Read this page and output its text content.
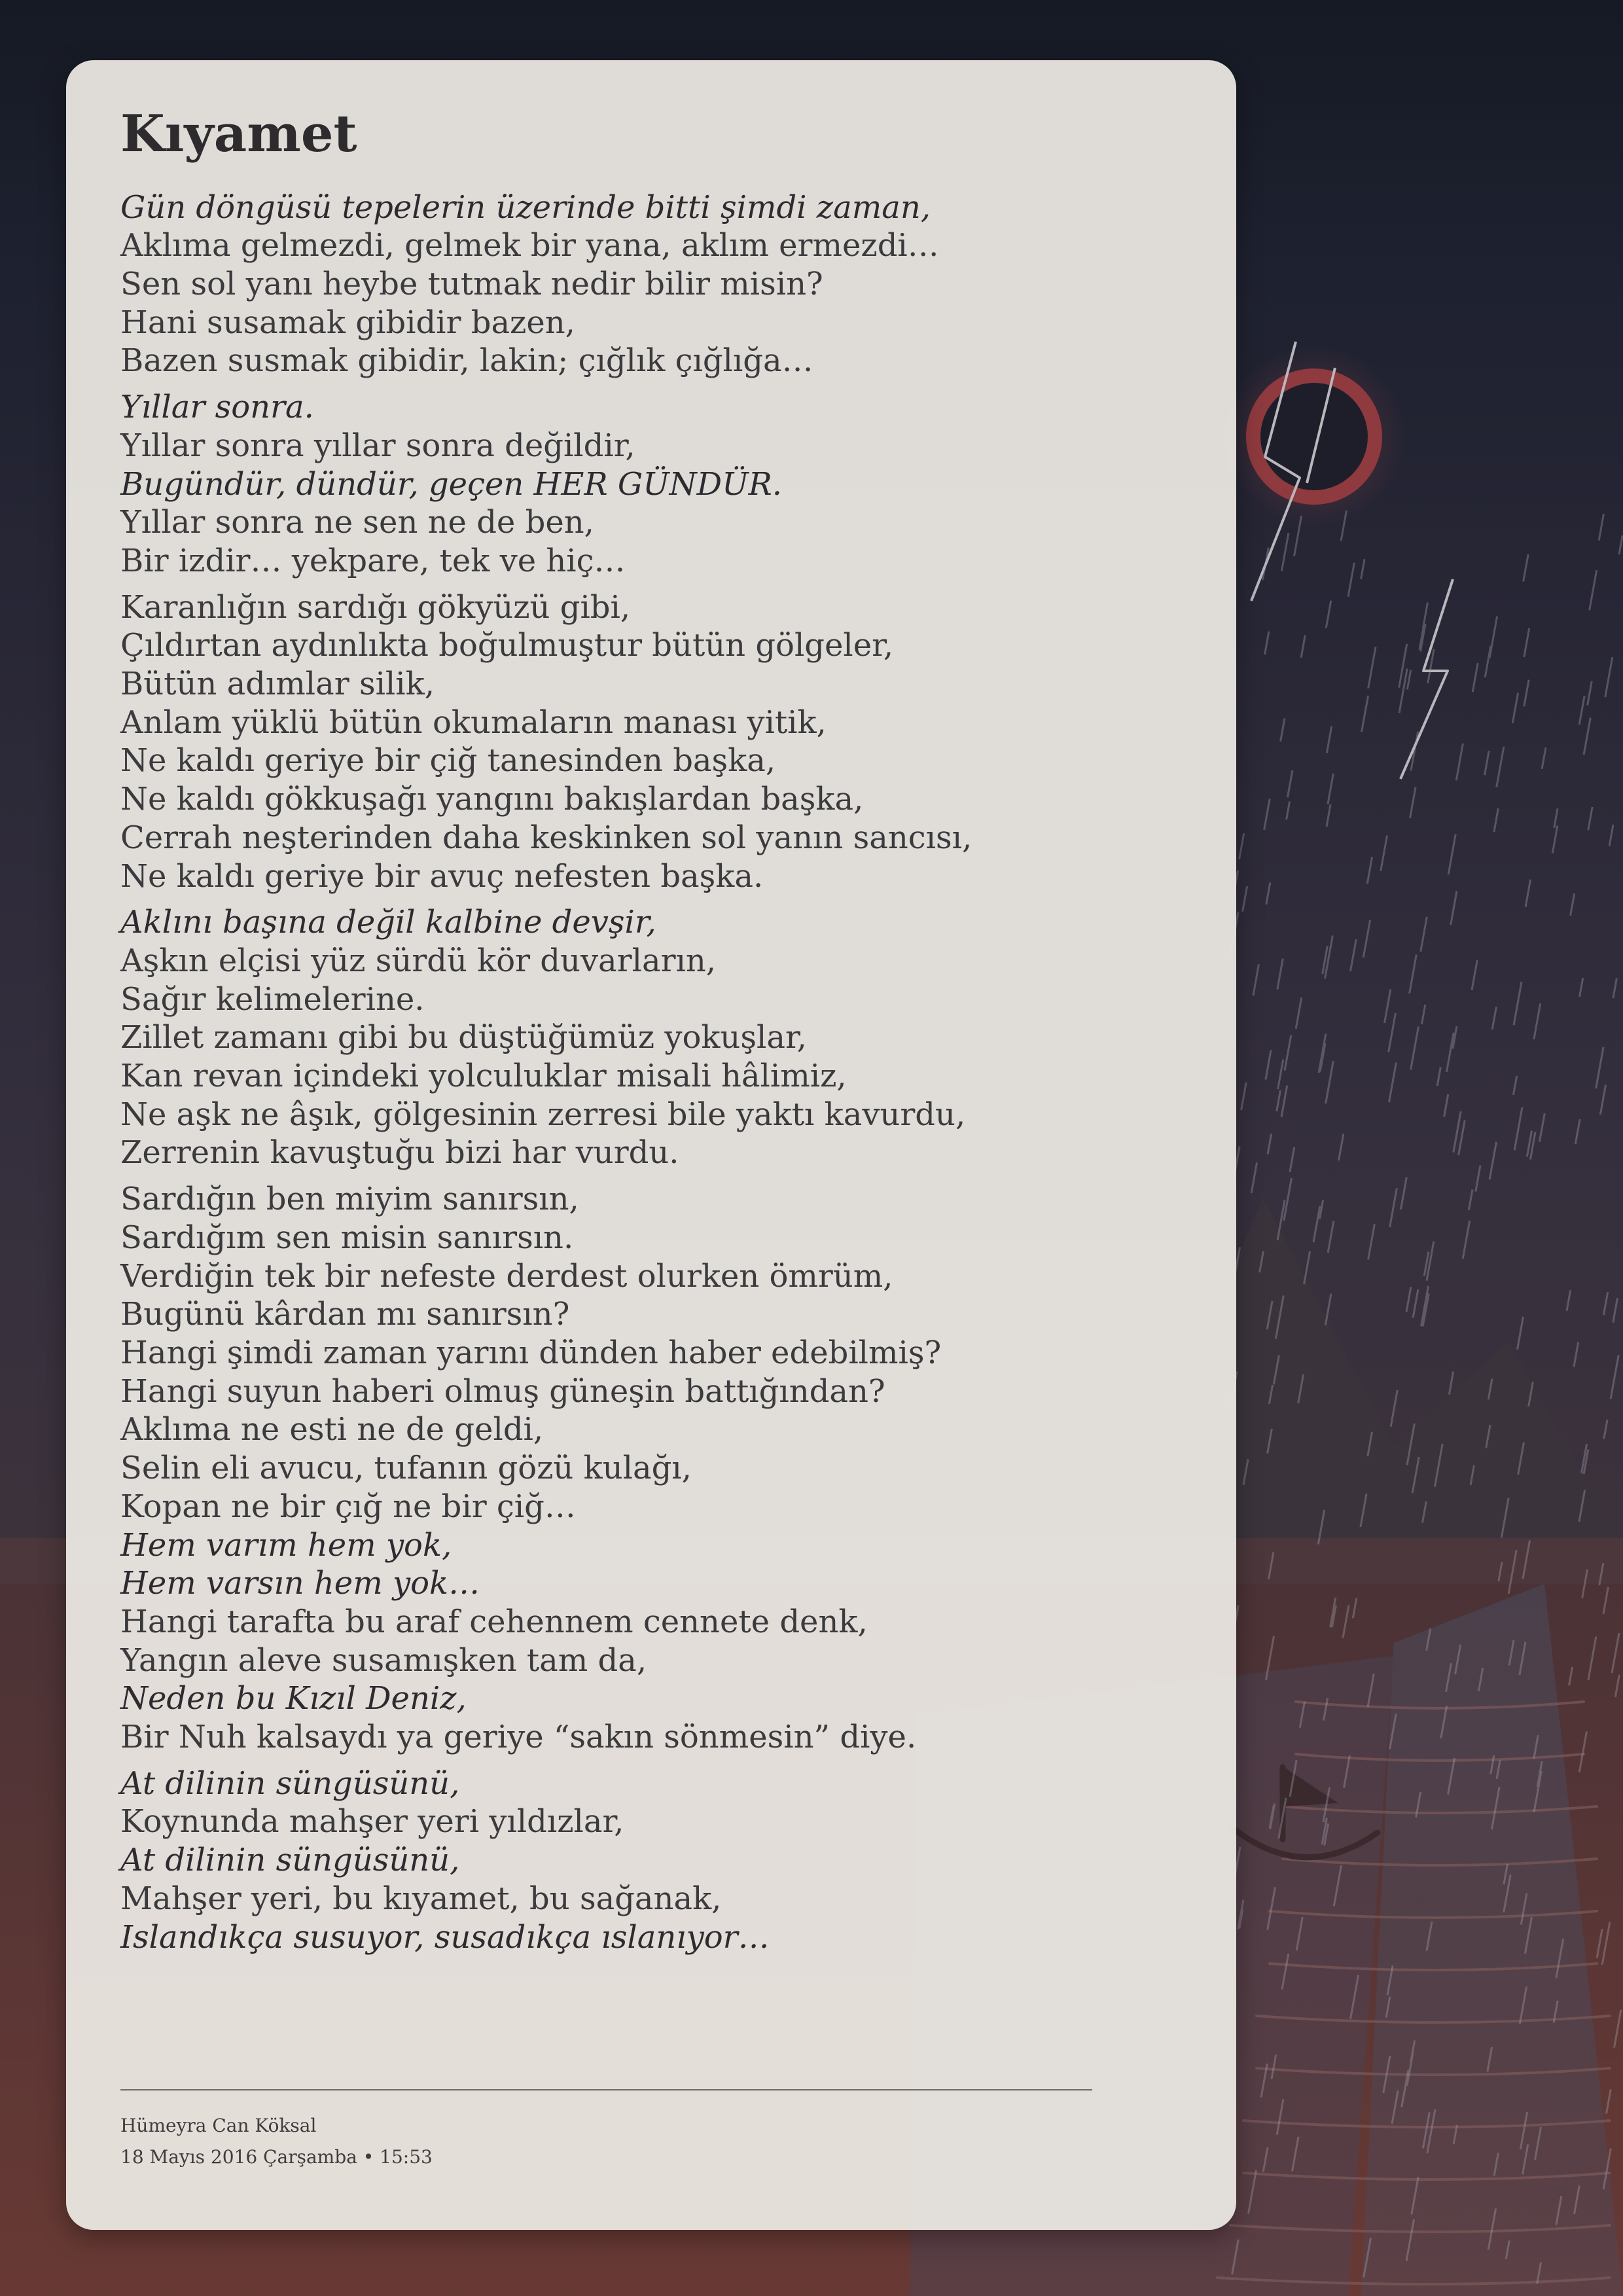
Kıyamet
Gün döngüsü tepelerin üzerinde bitti şimdi zaman,
Aklıma gelmezdi, gelmek bir yana, aklım ermezdi…
Sen sol yanı heybe tutmak nedir bilir misin?
Hani susamak gibidir bazen,
Bazen susmak gibidir, lakin; çığlık çığlığa…
Yıllar sonra.
Yıllar sonra yıllar sonra değildir,
Bugündür, dündür, geçen HER GÜNDÜR.
Yıllar sonra ne sen ne de ben,
Bir izdir… yekpare, tek ve hiç…
Karanlığın sardığı gökyüzü gibi,
Çıldırtan aydınlıkta boğulmuştur bütün gölgeler,
Bütün adımlar silik,
Anlam yüklü bütün okumaların manası yitik,
Ne kaldı geriye bir çiğ tanesinden başka,
Ne kaldı gökkuşağı yangını bakışlardan başka,
Cerrah neşterinden daha keskinken sol yanın sancısı,
Ne kaldı geriye bir avuç nefesten başka.
Aklını başına değil kalbine devşir,
Aşkın elçisi yüz sürdü kör duvarların,
Sağır kelimelerine.
Zillet zamanı gibi bu düştüğümüz yokuşlar,
Kan revan içindeki yolculuklar misali hâlimiz,
Ne aşk ne âşık, gölgesinin zerresi bile yaktı kavurdu,
Zerrenin kavuştuğu bizi har vurdu.
Sardığın ben miyim sanırsın,
Sardığım sen misin sanırsın.
Verdiğin tek bir nefeste derdest olurken ömrüm,
Bugünü kârdan mı sanırsın?
Hangi şimdi zaman yarını dünden haber edebilmiş?
Hangi suyun haberi olmuş güneşin battığından?
Aklıma ne esti ne de geldi,
Selin eli avucu, tufanın gözü kulağı,
Kopan ne bir çığ ne bir çiğ…
Hem varım hem yok,
Hem varsın hem yok…
Hangi tarafta bu araf cehennem cennete denk,
Yangın aleve susamışken tam da,
Neden bu Kızıl Deniz,
Bir Nuh kalsaydı ya geriye “sakın sönmesin” diye.
At dilinin süngüsünü,
Koynunda mahşer yeri yıldızlar,
At dilinin süngüsünü,
Mahşer yeri, bu kıyamet, bu sağanak,
Islandıkça susuyor, susadıkça ıslanıyor…
Hümeyra Can Köksal
18 Mayıs 2016 Çarşamba • 15:53
